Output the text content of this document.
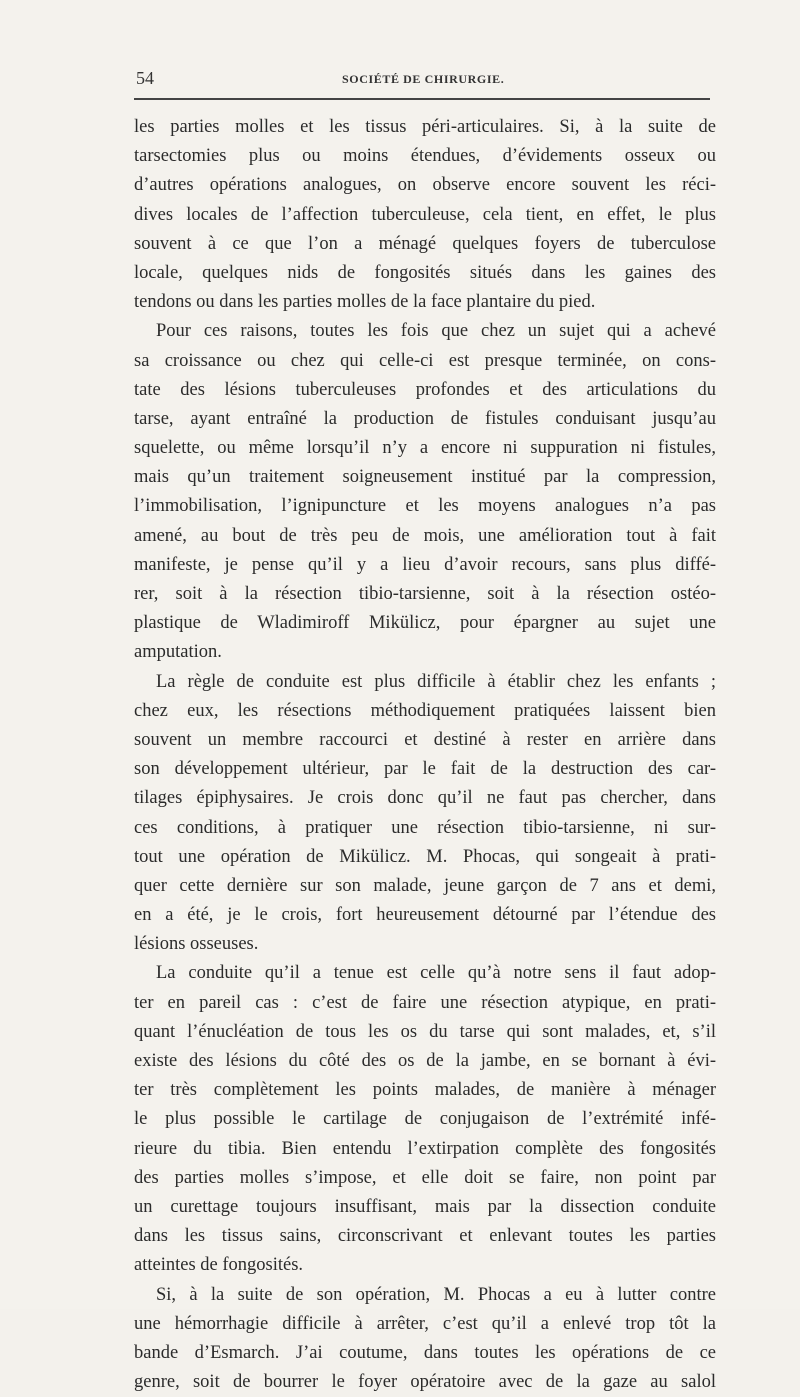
54	SOCIÉTÉ DE CHIRURGIE.
les parties molles et les tissus péri-articulaires. Si, à la suite de
tarsectomies plus ou moins étendues, d’évidements osseux ou
d’autres opérations analogues, on observe encore souvent les réci-
dives locales de l’affection tuberculeuse, cela tient, en effet, le plus
souvent à ce que l’on a ménagé quelques foyers de tuberculose
locale, quelques nids de fongosités situés dans les gaines des
tendons ou dans les parties molles de la face plantaire du pied.
Pour ces raisons, toutes les fois que chez un sujet qui a achevé
sa croissance ou chez qui celle-ci est presque terminée, on cons-
tate des lésions tuberculeuses profondes et des articulations du
tarse, ayant entraîné la production de fistules conduisant jusqu’au
squelette, ou même lorsqu’il n’y a encore ni suppuration ni fistules,
mais qu’un traitement soigneusement institué par la compression,
l’immobilisation, l’ignipuncture et les moyens analogues n’a pas
amené, au bout de très peu de mois, une amélioration tout à fait
manifeste, je pense qu’il y a lieu d’avoir recours, sans plus diffé-
rer, soit à la résection tibio-tarsienne, soit à la résection ostéo-
plastique de Wladimiroff Mikülicz, pour épargner au sujet une
amputation.
La règle de conduite est plus difficile à établir chez les enfants ;
chez eux, les résections méthodiquement pratiquées laissent bien
souvent un membre raccourci et destiné à rester en arrière dans
son développement ultérieur, par le fait de la destruction des car-
tilages épiphysaires. Je crois donc qu’il ne faut pas chercher, dans
ces conditions, à pratiquer une résection tibio-tarsienne, ni sur-
tout une opération de Mikülicz. M. Phocas, qui songeait à prati-
quer cette dernière sur son malade, jeune garçon de 7 ans et demi,
en a été, je le crois, fort heureusement détourné par l’étendue des
lésions osseuses.
La conduite qu’il a tenue est celle qu’à notre sens il faut adop-
ter en pareil cas : c’est de faire une résection atypique, en prati-
quant l’énucléation de tous les os du tarse qui sont malades, et, s’il
existe des lésions du côté des os de la jambe, en se bornant à évi-
ter très complètement les points malades, de manière à ménager
le plus possible le cartilage de conjugaison de l’extrémité infé-
rieure du tibia. Bien entendu l’extirpation complète des fongosités
des parties molles s’impose, et elle doit se faire, non point par
un curettage toujours insuffisant, mais par la dissection conduite
dans les tissus sains, circonscrivant et enlevant toutes les parties
atteintes de fongosités.
Si, à la suite de son opération, M. Phocas a eu à lutter contre
une hémorrhagie difficile à arrêter, c’est qu’il a enlevé trop tôt la
bande d’Esmarch. J’ai coutume, dans toutes les opérations de ce
genre, soit de bourrer le foyer opératoire avec de la gaze au salol
